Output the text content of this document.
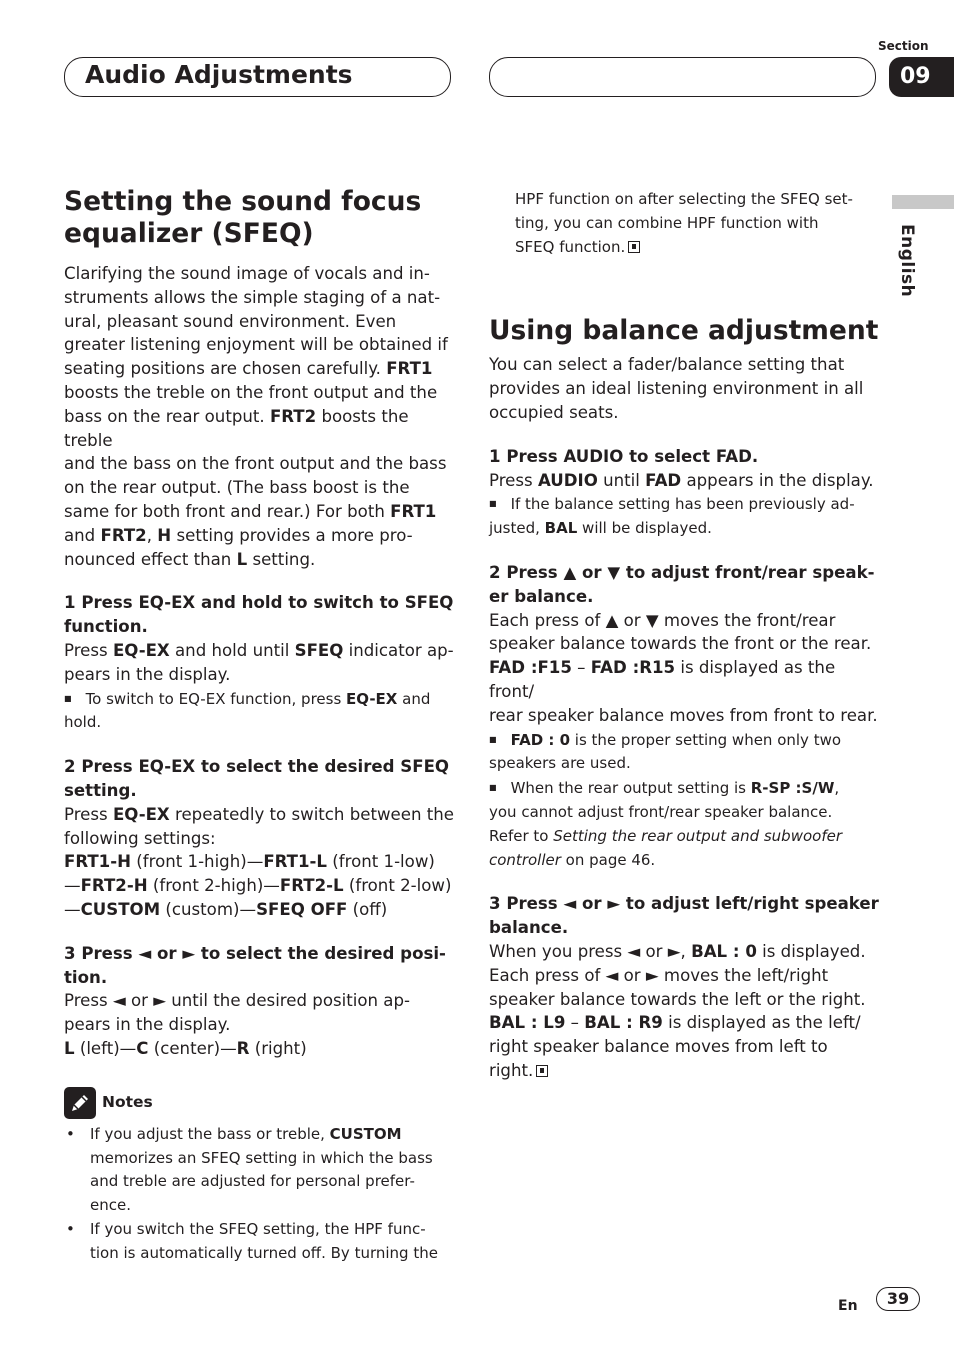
Audio Adjustments
Section
09
English
Setting the sound focus equalizer (SFEQ)

Clarifying the sound image of vocals and in-
struments allows the simple staging of a nat-
ural, pleasant sound environment. Even
greater listening enjoyment will be obtained if
seating positions are chosen carefully. FRT1
boosts the treble on the front output and the
bass on the rear output. FRT2 boosts the treble
and the bass on the front output and the bass
on the rear output. (The bass boost is the
same for both front and rear.) For both FRT1
and FRT2, H setting provides a more pro-
nounced effect than L setting.

1 Press EQ-EX and hold to switch to SFEQ
function.

Press EQ-EX and hold until SFEQ indicator ap-
pears in the display.

■ To switch to EQ-EX function, press EQ-EX and
hold.

2 Press EQ-EX to select the desired SFEQ
setting.

Press EQ-EX repeatedly to switch between the
following settings:
FRT1-H (front 1-high)—FRT1-L (front 1-low)
—FRT2-H (front 2-high)—FRT2-L (front 2-low)
—CUSTOM (custom)—SFEQ OFF (off)

3 Press ◄ or ► to select the desired posi-
tion.

Press ◄ or ► until the desired position ap-
pears in the display.
L (left)—C (center)—R (right)

Notes
• If you adjust the bass or treble, CUSTOM
memorizes an SFEQ setting in which the bass
and treble are adjusted for personal prefer-
ence.
• If you switch the SFEQ setting, the HPF func-
tion is automatically turned off. By turning the

HPF function on after selecting the SFEQ set-
ting, you can combine HPF function with
SFEQ function.

Using balance adjustment

You can select a fader/balance setting that
provides an ideal listening environment in all
occupied seats.

1 Press AUDIO to select FAD.

Press AUDIO until FAD appears in the display.

■ If the balance setting has been previously ad-
justed, BAL will be displayed.

2 Press ▲ or ▼ to adjust front/rear speak-
er balance.

Each press of ▲ or ▼ moves the front/rear
speaker balance towards the front or the rear.
FAD :F15 – FAD :R15 is displayed as the front/
rear speaker balance moves from front to rear.

■ FAD : 0 is the proper setting when only two
speakers are used.

■ When the rear output setting is R-SP :S/W,
you cannot adjust front/rear speaker balance.
Refer to Setting the rear output and subwoofer
controller on page 46.

3 Press ◄ or ► to adjust left/right speaker
balance.

When you press ◄ or ►, BAL : 0 is displayed.
Each press of ◄ or ► moves the left/right
speaker balance towards the left or the right.
BAL : L9 – BAL : R9 is displayed as the left/
right speaker balance moves from left to
right.

En	39
